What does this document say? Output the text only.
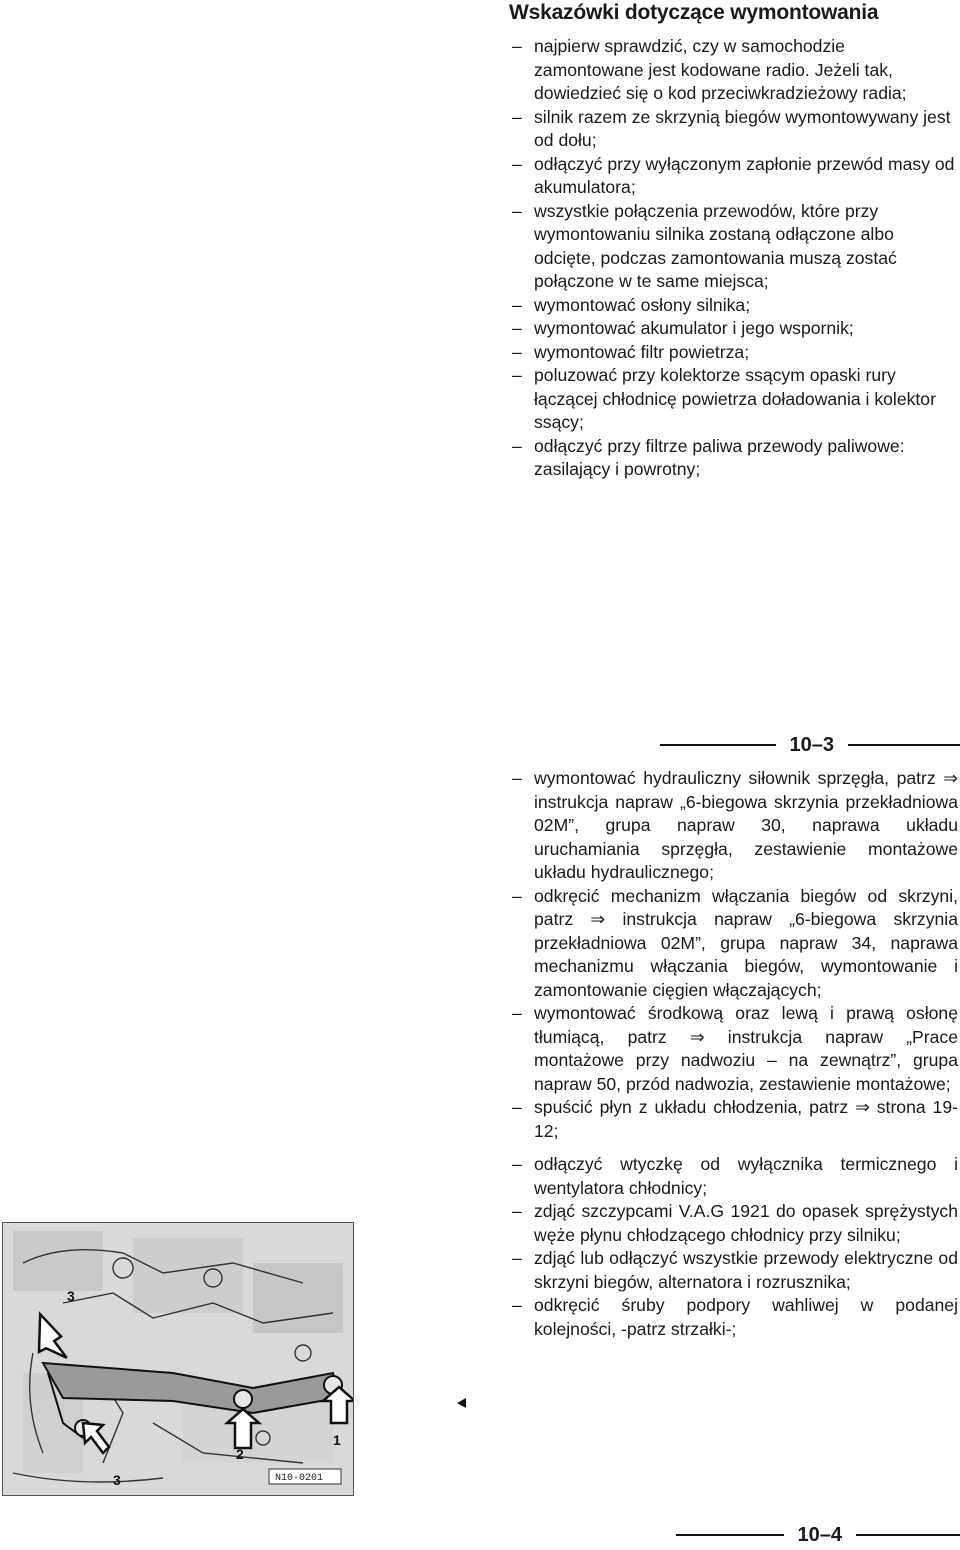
Wskazówki dotyczące wymontowania
– najpierw sprawdzić, czy w samochodzie zamontowane jest kodowane radio. Jeżeli tak, dowiedzieć się o kod przeciwkradzieżowy radia;
– silnik razem ze skrzynią biegów wymontowywany jest od dołu;
– odłączyć przy wyłączonym zapłonie przewód masy od akumulatora;
– wszystkie połączenia przewodów, które przy wymontowaniu silnika zostaną odłączone albo odcięte, podczas zamontowania muszą zostać połączone w te same miejsca;
– wymontować osłony silnika;
– wymontować akumulator i jego wspornik;
– wymontować filtr powietrza;
– poluzować przy kolektorze ssącym opaski rury łączącej chłodnicę powietrza doładowania i kolektor ssący;
– odłączyć przy filtrze paliwa przewody paliwowe: zasilający i powrotny;
10–3
– wymontować hydrauliczny siłownik sprzęgła, patrz ⇒ instrukcja napraw „6-biegowa skrzynia przekładniowa 02M”, grupa napraw 30, naprawa układu uruchamiania sprzęgła, zestawienie montażowe układu hydraulicznego;
– odkręcić mechanizm włączania biegów od skrzyni, patrz ⇒ instrukcja napraw „6-biegowa skrzynia przekładniowa 02M”, grupa napraw 34, naprawa mechanizmu włączania biegów, wymontowanie i zamontowanie cięgien włączających;
– wymontować środkową oraz lewą i prawą osłonę tłumiącą, patrz ⇒ instrukcja napraw „Prace montażowe przy nadwoziu – na zewnątrz”, grupa napraw 50, przód nadwozia, zestawienie montażowe;
– spuścić płyn z układu chłodzenia, patrz ⇒ strona 19-12;
– odłączyć wtyczkę od wyłącznika termicznego i wentylatora chłodnicy;
– zdjąć szczypcami V.A.G 1921 do opasek sprężystych węże płynu chłodzącego chłodnicy przy silniku;
– zdjąć lub odłączyć wszystkie przewody elektryczne od skrzyni biegów, alternatora i rozrusznika;
– odkręcić śruby podpory wahliwej w podanej kolejności, -patrz strzałki-;
3
2
1
3	N10-0201
10–4
